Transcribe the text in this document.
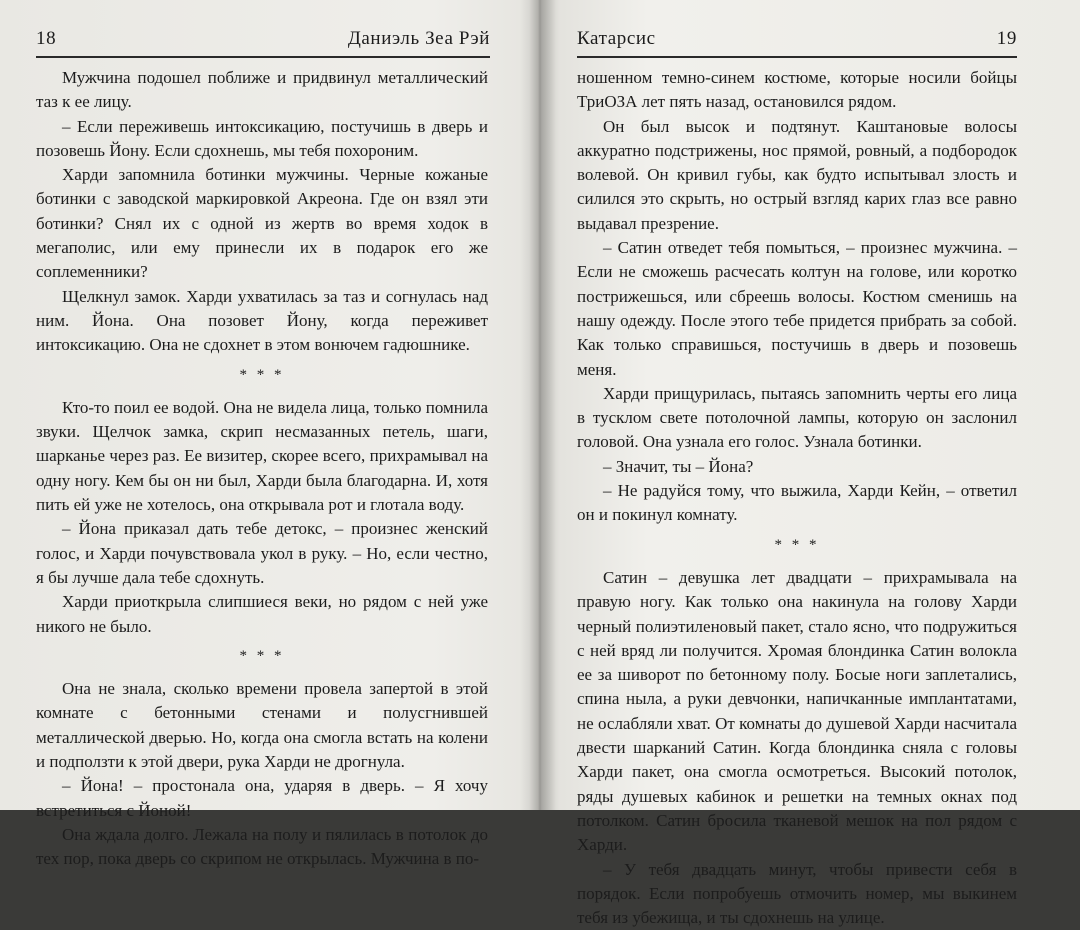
18	Даниэль Зеа Рэй

Мужчина подошел поближе и придвинул металлический таз к ее лицу.

– Если переживешь интоксикацию, постучишь в дверь и позовешь Йону. Если сдохнешь, мы тебя похороним.

Харди запомнила ботинки мужчины. Черные кожаные ботинки с заводской маркировкой Акреона. Где он взял эти ботинки? Снял их с одной из жертв во время ходок в мегаполис, или ему принесли их в подарок его же соплеменники?

Щелкнул замок. Харди ухватилась за таз и согнулась над ним. Йона. Она позовет Йону, когда переживет интоксикацию. Она не сдохнет в этом вонючем гадюшнике.

* * *

Кто-то поил ее водой. Она не видела лица, только помнила звуки. Щелчок замка, скрип несмазанных петель, шаги, шарканье через раз. Ее визитер, скорее всего, прихрамывал на одну ногу. Кем бы он ни был, Харди была благодарна. И, хотя пить ей уже не хотелось, она открывала рот и глотала воду.

– Йона приказал дать тебе детокс, – произнес женский голос, и Харди почувствовала укол в руку. – Но, если честно, я бы лучше дала тебе сдохнуть.

Харди приоткрыла слипшиеся веки, но рядом с ней уже никого не было.

* * *

Она не знала, сколько времени провела запертой в этой комнате с бетонными стенами и полусгнившей металлической дверью. Но, когда она смогла встать на колени и подползти к этой двери, рука Харди не дрогнула.

– Йона! – простонала она, ударяя в дверь. – Я хочу встретиться с Йоной!

Она ждала долго. Лежала на полу и пялилась в потолок до тех пор, пока дверь со скрипом не открылась. Мужчина в по-

Катарсис	19

ношенном темно-синем костюме, которые носили бойцы ТриОЗА лет пять назад, остановился рядом.

Он был высок и подтянут. Каштановые волосы аккуратно подстрижены, нос прямой, ровный, а подбородок волевой. Он кривил губы, как будто испытывал злость и силился это скрыть, но острый взгляд карих глаз все равно выдавал презрение.

– Сатин отведет тебя помыться, – произнес мужчина. – Если не сможешь расчесать колтун на голове, или коротко пострижешься, или сбреешь волосы. Костюм сменишь на нашу одежду. После этого тебе придется прибрать за собой. Как только справишься, постучишь в дверь и позовешь меня.

Харди прищурилась, пытаясь запомнить черты его лица в тусклом свете потолочной лампы, которую он заслонил головой. Она узнала его голос. Узнала ботинки.

– Значит, ты – Йона?

– Не радуйся тому, что выжила, Харди Кейн, – ответил он и покинул комнату.

* * *

Сатин – девушка лет двадцати – прихрамывала на правую ногу. Как только она накинула на голову Харди черный полиэтиленовый пакет, стало ясно, что подружиться с ней вряд ли получится. Хромая блондинка Сатин волокла ее за шиворот по бетонному полу. Босые ноги заплетались, спина ныла, а руки девчонки, напичканные имплантатами, не ослабляли хват. От комнаты до душевой Харди насчитала двести шарканий Сатин. Когда блондинка сняла с головы Харди пакет, она смогла осмотреться. Высокий потолок, ряды душевых кабинок и решетки на темных окнах под потолком. Сатин бросила тканевой мешок на пол рядом с Харди.

– У тебя двадцать минут, чтобы привести себя в порядок. Если попробуешь отмочить номер, мы выкинем тебя из убежища, и ты сдохнешь на улице.
